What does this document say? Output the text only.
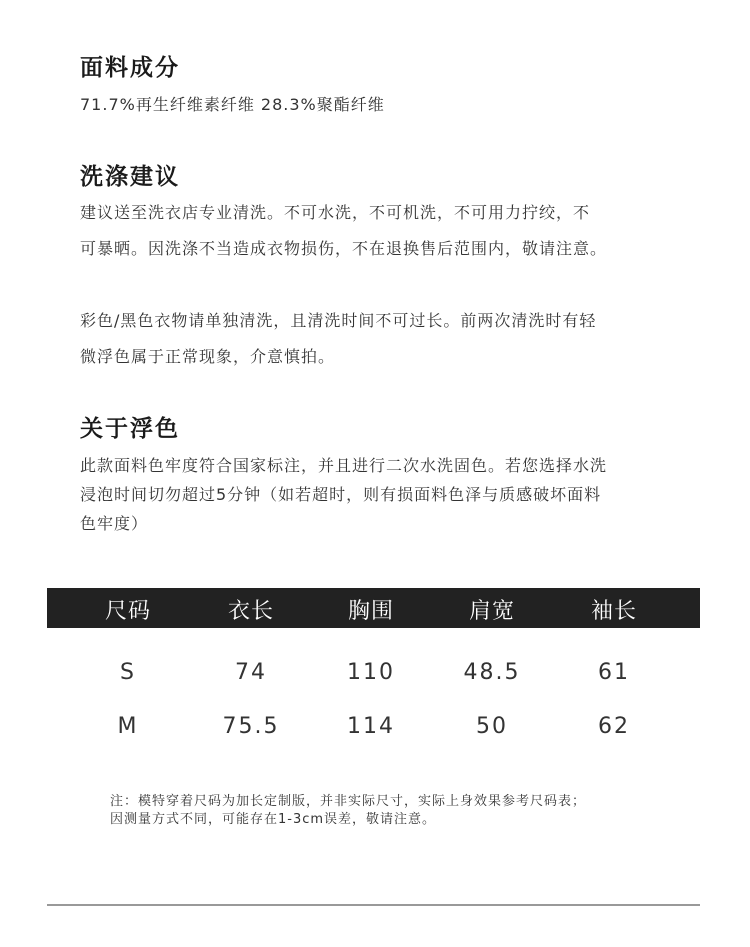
面料成分

71.7%再生纤维素纤维 28.3%聚酯纤维

洗涤建议

建议送至洗衣店专业清洗。不可水洗，不可机洗，不可用力拧绞，不

可暴晒。因洗涤不当造成衣物损伤，不在退换售后范围内，敬请注意。

彩色/黑色衣物请单独清洗，且清洗时间不可过长。前两次清洗时有轻

微浮色属于正常现象，介意慎拍。

关于浮色

此款面料色牢度符合国家标注，并且进行二次水洗固色。若您选择水洗

浸泡时间切勿超过5分钟（如若超时，则有损面料色泽与质感破坏面料

色牢度）

尺码	衣长	胸围	肩宽	袖长
S	74	110	48.5	61
M	75.5	114	50	62

注：模特穿着尺码为加长定制版，并非实际尺寸，实际上身效果参考尺码表；

因测量方式不同，可能存在1-3cm误差，敬请注意。
